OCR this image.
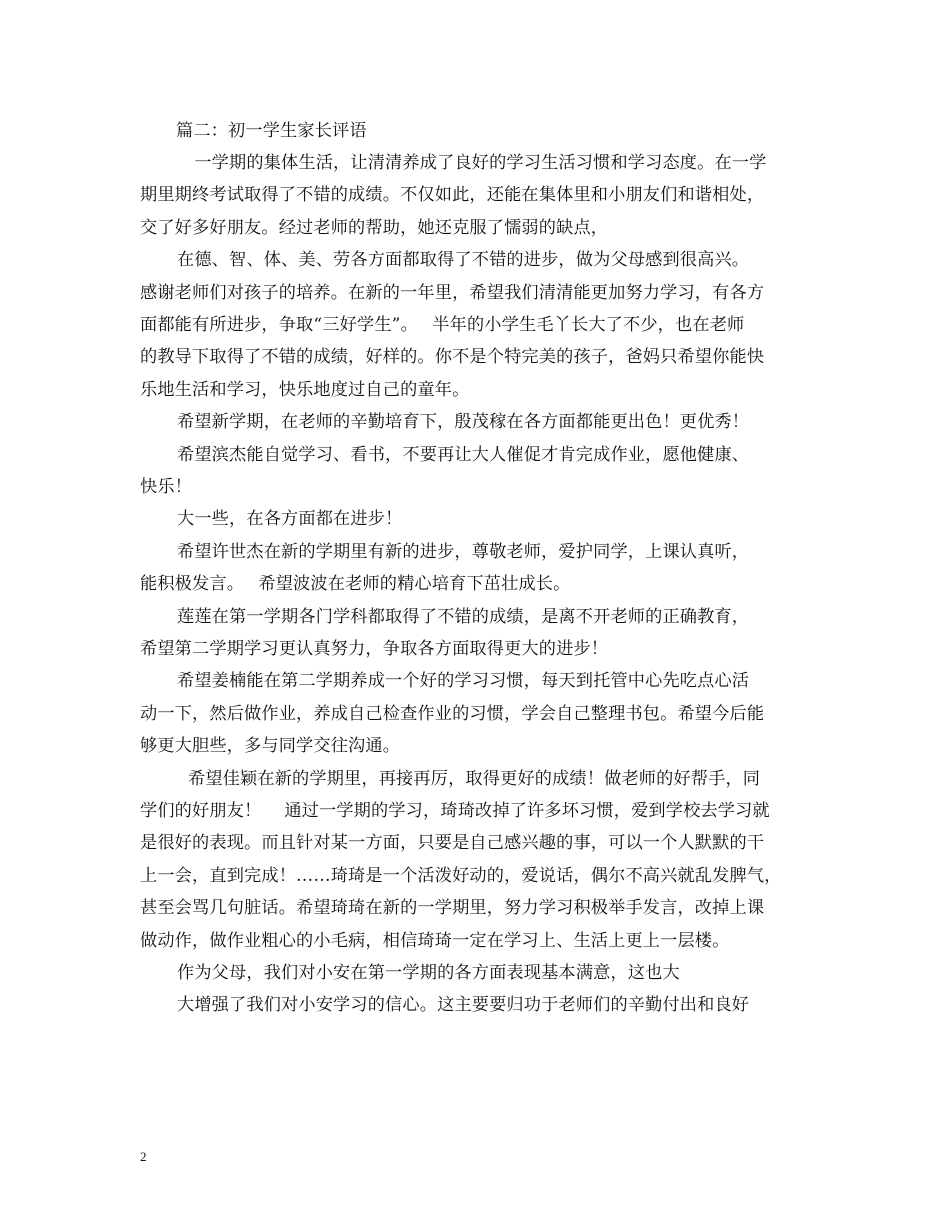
篇二：初一学生家长评语
　一学期的集体生活，让清清养成了良好的学习生活习惯和学习态度。在一学
期里期终考试取得了不错的成绩。不仅如此，还能在集体里和小朋友们和谐相处，
交了好多好朋友。经过老师的帮助，她还克服了懦弱的缺点，
在德、智、体、美、劳各方面都取得了不错的进步，做为父母感到很高兴。
感谢老师们对孩子的培养。在新的一年里，希望我们清清能更加努力学习，有各方
面都能有所进步，争取“三好学生”。　 半年的小学生毛丫长大了不少，也在老师
的教导下取得了不错的成绩，好样的。你不是个特完美的孩子，爸妈只希望你能快
乐地生活和学习，快乐地度过自己的童年。
希望新学期，在老师的辛勤培育下，殷茂稼在各方面都能更出色！更优秀！
希望滨杰能自觉学习、看书，不要再让大人催促才肯完成作业，愿他健康、
快乐！
大一些，在各方面都在进步！
希望许世杰在新的学期里有新的进步，尊敬老师，爱护同学，上课认真听，
能积极发言。　 希望波波在老师的精心培育下茁壮成长。
莲莲在第一学期各门学科都取得了不错的成绩，是离不开老师的正确教育，
希望第二学期学习更认真努力，争取各方面取得更大的进步！
希望姜楠能在第二学期养成一个好的学习习惯，每天到托管中心先吃点心活
动一下，然后做作业，养成自己检查作业的习惯，学会自己整理书包。希望今后能
够更大胆些，多与同学交往沟通。
希望佳颖在新的学期里，再接再厉，取得更好的成绩！做老师的好帮手，同
学们的好朋友！　 通过一学期的学习，琦琦改掉了许多坏习惯，爱到学校去学习就
是很好的表现。而且针对某一方面，只要是自己感兴趣的事，可以一个人默默的干
上一会，直到完成！……琦琦是一个活泼好动的，爱说话，偶尔不高兴就乱发脾气，
甚至会骂几句脏话。希望琦琦在新的一学期里，努力学习积极举手发言，改掉上课
做动作，做作业粗心的小毛病，相信琦琦一定在学习上、生活上更上一层楼。
作为父母，我们对小安在第一学期的各方面表现基本满意，这也大
大增强了我们对小安学习的信心。这主要要归功于老师们的辛勤付出和良好
2
